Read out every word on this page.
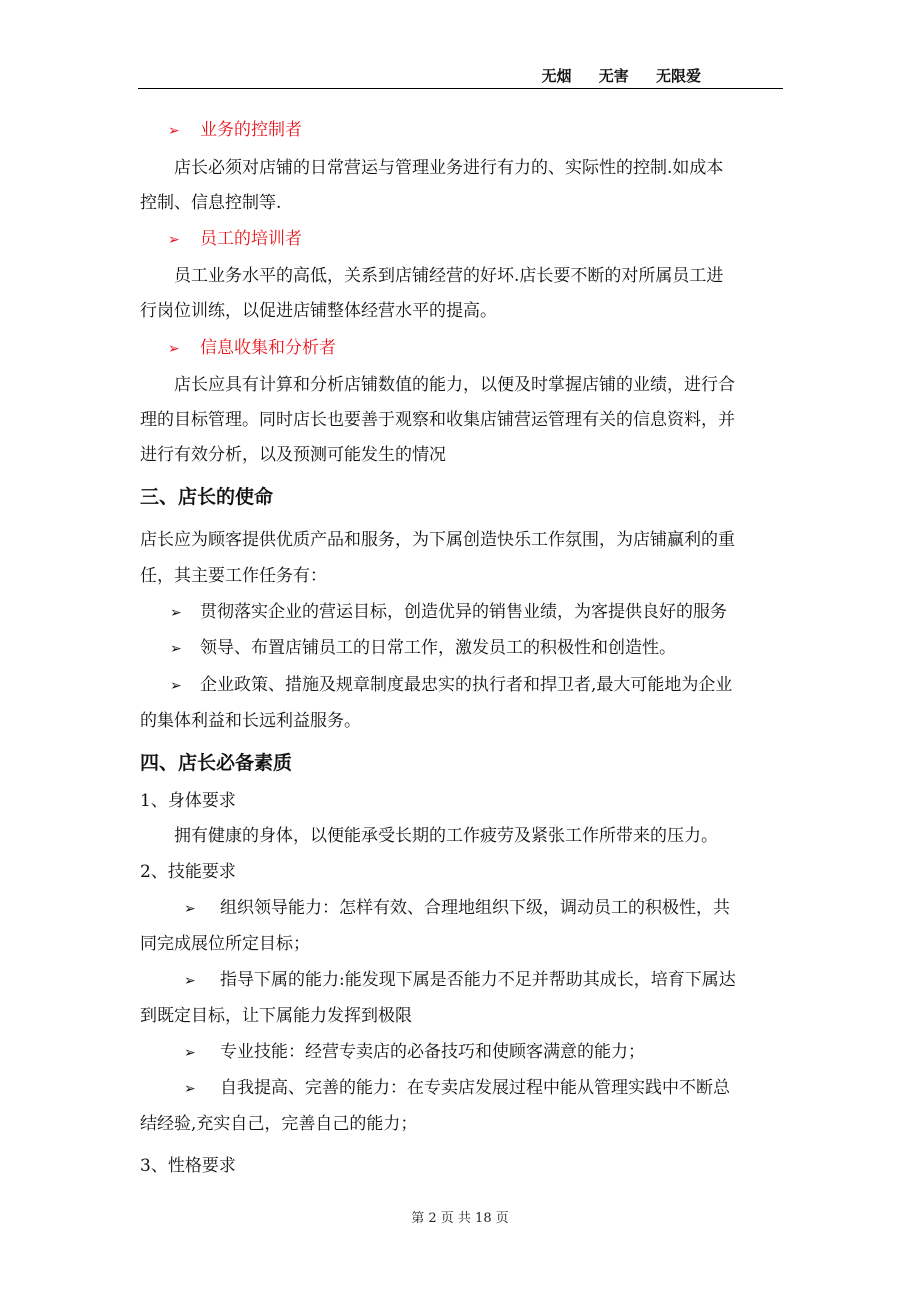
无烟 无害 无限爱
➢ 业务的控制者
店长必须对店铺的日常营运与管理业务进行有力的、实际性的控制.如成本
控制、信息控制等.
➢ 员工的培训者
员工业务水平的高低，关系到店铺经营的好坏.店长要不断的对所属员工进
行岗位训练，以促进店铺整体经营水平的提高。
➢ 信息收集和分析者
店长应具有计算和分析店铺数值的能力，以便及时掌握店铺的业绩，进行合
理的目标管理。同时店长也要善于观察和收集店铺营运管理有关的信息资料，并
进行有效分析，以及预测可能发生的情况
三、店长的使命
店长应为顾客提供优质产品和服务，为下属创造快乐工作氛围，为店铺赢利的重
任，其主要工作任务有：
➢ 贯彻落实企业的营运目标，创造优异的销售业绩，为客提供良好的服务
➢ 领导、布置店铺员工的日常工作，激发员工的积极性和创造性。
➢ 企业政策、措施及规章制度最忠实的执行者和捍卫者,最大可能地为企业
的集体利益和长远利益服务。
四、店长必备素质
1、身体要求
拥有健康的身体，以便能承受长期的工作疲劳及紧张工作所带来的压力。
2、技能要求
➢ 组织领导能力：怎样有效、合理地组织下级，调动员工的积极性，共
同完成展位所定目标；
➢ 指导下属的能力:能发现下属是否能力不足并帮助其成长，培育下属达
到既定目标，让下属能力发挥到极限
➢ 专业技能：经营专卖店的必备技巧和使顾客满意的能力；
➢ 自我提高、完善的能力：在专卖店发展过程中能从管理实践中不断总
结经验,充实自己，完善自己的能力；
3、性格要求
第 2 页 共 18 页
